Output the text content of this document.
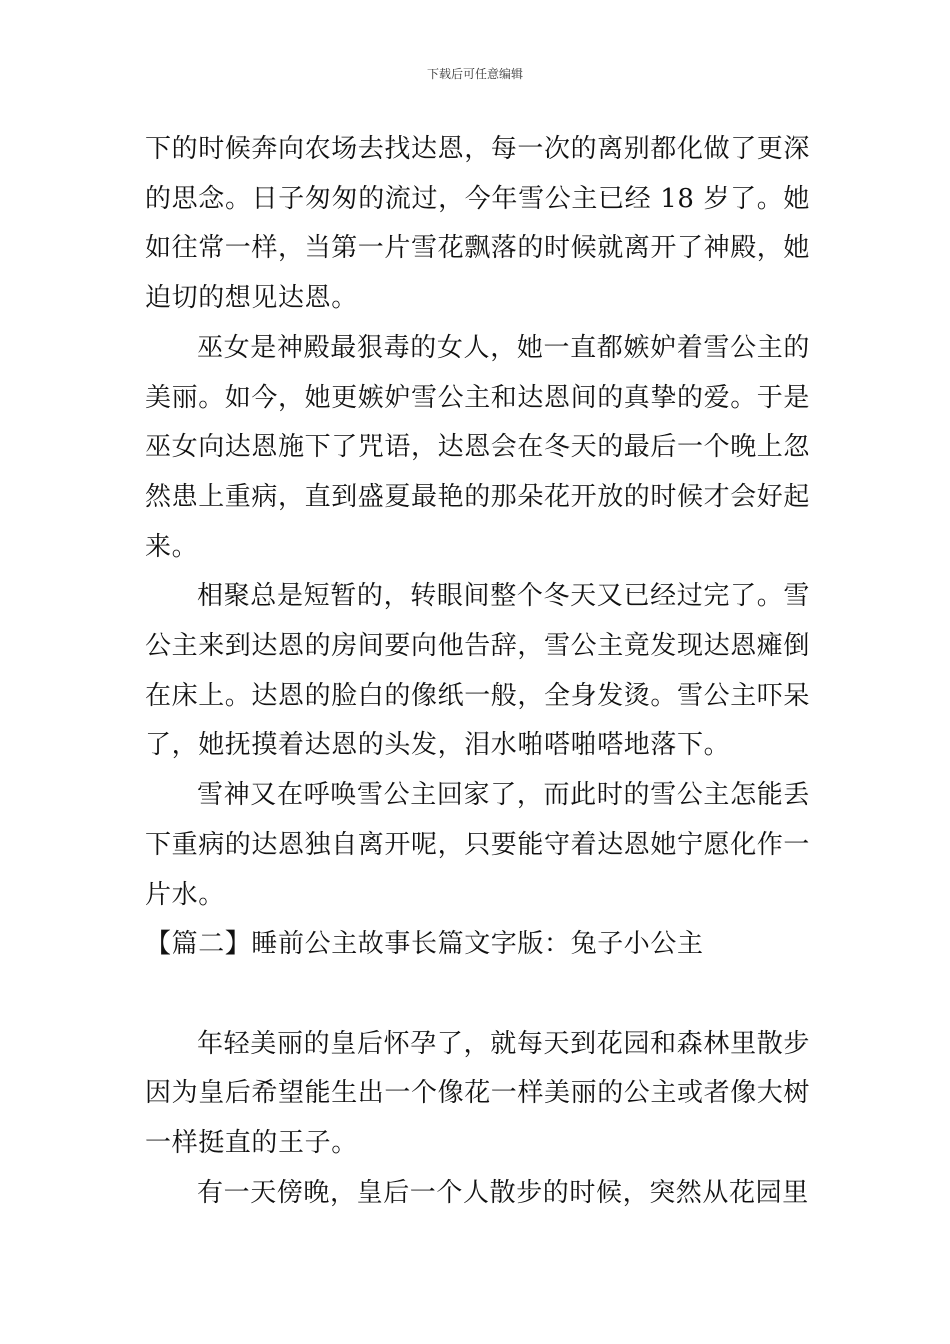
下载后可任意编辑

下的时候奔向农场去找达恩，每一次的离别都化做了更深的思念。日子匆匆的流过，今年雪公主已经 18 岁了。她如往常一样，当第一片雪花飘落的时候就离开了神殿，她迫切的想见达恩。

巫女是神殿最狠毒的女人，她一直都嫉妒着雪公主的美丽。如今，她更嫉妒雪公主和达恩间的真挚的爱。于是巫女向达恩施下了咒语，达恩会在冬天的最后一个晚上忽然患上重病，直到盛夏最艳的那朵花开放的时候才会好起来。

相聚总是短暂的，转眼间整个冬天又已经过完了。雪公主来到达恩的房间要向他告辞，雪公主竟发现达恩瘫倒在床上。达恩的脸白的像纸一般，全身发烫。雪公主吓呆了，她抚摸着达恩的头发，泪水啪嗒啪嗒地落下。

雪神又在呼唤雪公主回家了，而此时的雪公主怎能丢下重病的达恩独自离开呢，只要能守着达恩她宁愿化作一片水。

【篇二】睡前公主故事长篇文字版：兔子小公主

年轻美丽的皇后怀孕了，就每天到花园和森林里散步因为皇后希望能生出一个像花一样美丽的公主或者像大树一样挺直的王子。

有一天傍晚，皇后一个人散步的时候，突然从花园里
